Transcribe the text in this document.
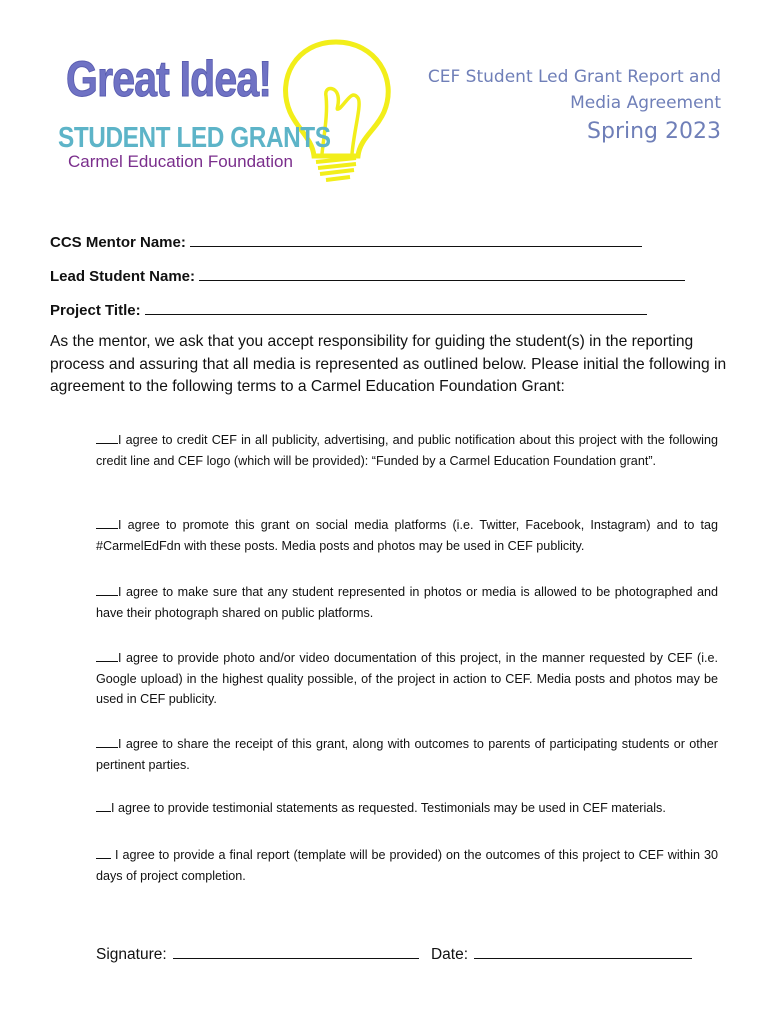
Great Idea!
STUDENT LED GRANTS
Carmel Education Foundation
CEF Student Led Grant Report and
Media Agreement
Spring 2023
CCS Mentor Name:
Lead Student Name:
Project Title:
As the mentor, we ask that you accept responsibility for guiding the student(s) in the reporting process and assuring that all media is represented as outlined below. Please initial the following in agreement to the following terms to a Carmel Education Foundation Grant:
I agree to credit CEF in all publicity, advertising, and public notification about this project with the following credit line and CEF logo (which will be provided): “Funded by a Carmel Education Foundation grant”.
I agree to promote this grant on social media platforms (i.e. Twitter, Facebook, Instagram) and to tag #CarmelEdFdn with these posts. Media posts and photos may be used in CEF publicity.
I agree to make sure that any student represented in photos or media is allowed to be photographed and have their photograph shared on public platforms.
I agree to provide photo and/or video documentation of this project, in the manner requested by CEF (i.e. Google upload) in the highest quality possible, of the project in action to CEF. Media posts and photos may be used in CEF publicity.
I agree to share the receipt of this grant, along with outcomes to parents of participating students or other pertinent parties.
I agree to provide testimonial statements as requested. Testimonials may be used in CEF materials.
I agree to provide a final report (template will be provided) on the outcomes of this project to CEF within 30 days of project completion.
Signature:	Date:
